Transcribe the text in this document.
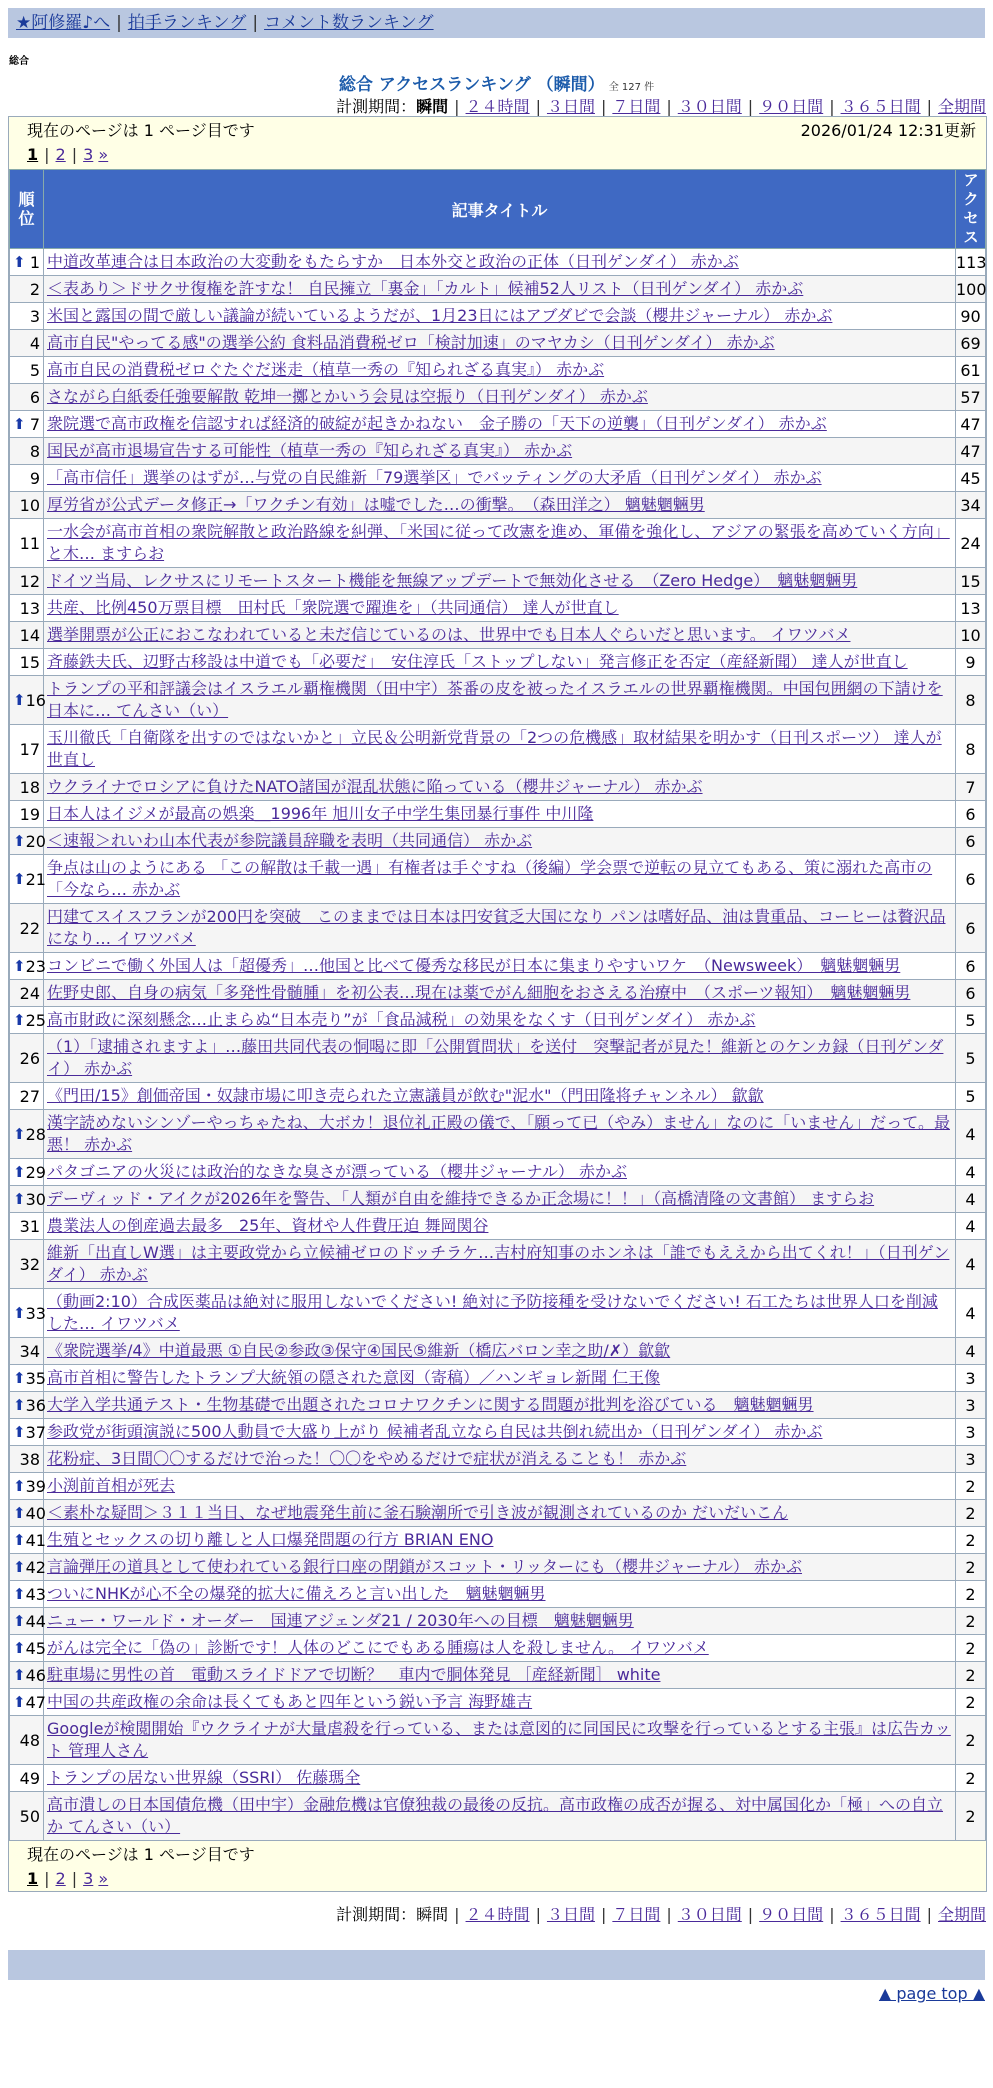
★阿修羅♪へ | 拍手ランキング | コメント数ランキング
総合
総合 アクセスランキング （瞬間） 全 127 件
計測期間：瞬間 | ２４時間 | ３日間 | ７日間 | ３０日間 | ９０日間 | ３６５日間 | 全期間
現在のページは 1 ページ目です	2026/01/24 12:31更新
1 | 2 | 3 »
順位	記事タイトル	アクセス

⬆ 1	中道改革連合は日本政治の大変動をもたらすか　日本外交と政治の正体（日刊ゲンダイ） 赤かぶ	113
2	＜表あり＞ドサクサ復権を許すな！ 自民擁立「裏金」「カルト」候補52人リスト（日刊ゲンダイ） 赤かぶ	100
3	米国と露国の間で厳しい議論が続いているようだが、1月23日にはアブダビで会談（櫻井ジャーナル） 赤かぶ	90
4	高市自民"やってる感"の選挙公約 食料品消費税ゼロ「検討加速」のマヤカシ（日刊ゲンダイ） 赤かぶ	69
5	高市自民の消費税ゼロぐたぐだ迷走（植草一秀の『知られざる真実』） 赤かぶ	61
6	さながら白紙委任強要解散 乾坤一擲とかいう会見は空振り（日刊ゲンダイ） 赤かぶ	57

⬆ 7	衆院選で高市政権を信認すれば経済的破綻が起きかねない　金子勝の「天下の逆襲」（日刊ゲンダイ） 赤かぶ	47
8	国民が高市退場宣告する可能性（植草一秀の『知られざる真実』） 赤かぶ	47
9	「高市信任」選挙のはずが…与党の自民維新「79選挙区」でバッティングの大矛盾（日刊ゲンダイ） 赤かぶ	45
10	厚労省が公式データ修正→「ワクチン有効」は嘘でした…の衝撃。　（森田洋之） 魑魅魍魎男	34
11	一水会が高市首相の衆院解散と政治路線を糾弾、「米国に従って改憲を進め、軍備を強化し、アジアの緊張を高めていく方向」と木… ますらお	24
12	ドイツ当局、レクサスにリモートスタート機能を無線アップデートで無効化させる　（Zero Hedge）　魑魅魍魎男	15
13	共産、比例450万票目標　田村氏「衆院選で躍進を」（共同通信） 達人が世直し	13
14	選挙開票が公正におこなわれていると未だ信じているのは、世界中でも日本人ぐらいだと思います。 イワツバメ	10
15	斉藤鉄夫氏、辺野古移設は中道でも「必要だ」　安住淳氏「ストップしない」発言修正を否定（産経新聞） 達人が世直し	9

⬆ 16	トランプの平和評議会はイスラエル覇権機関（田中宇）茶番の皮を被ったイスラエルの世界覇権機関。中国包囲網の下請けを日本に… てんさい（い）	8
17	玉川徹氏「自衛隊を出すのではないかと」立民＆公明新党背景の「2つの危機感」取材結果を明かす（日刊スポーツ） 達人が世直し	8
18	ウクライナでロシアに負けたNATO諸国が混乱状態に陥っている（櫻井ジャーナル） 赤かぶ	7
19	日本人はイジメが最高の娯楽＿1996年 旭川女子中学生集団暴行事件 中川隆	6

⬆ 20	＜速報＞れいわ山本代表が参院議員辞職を表明（共同通信） 赤かぶ	6

⬆ 21	争点は山のようにある 「この解散は千載一遇」有権者は手ぐすね（後編）学会票で逆転の見立てもある、策に溺れた高市の「今なら… 赤かぶ	6
22	円建てスイスフランが200円を突破　このままでは日本は円安貧乏大国になり パンは嗜好品、油は貴重品、コーヒーは贅沢品になり… イワツバメ	6

⬆ 23	コンビニで働く外国人は「超優秀」…他国と比べて優秀な移民が日本に集まりやすいワケ　（Newsweek）　魑魅魍魎男	6
24	佐野史郎、自身の病気「多発性骨髄腫」を初公表…現在は薬でがん細胞をおさえる治療中　（スポーツ報知）　魑魅魍魎男	6

⬆ 25	高市財政に深刻懸念…止まらぬ“日本売り”が「食品減税」の効果をなくす（日刊ゲンダイ） 赤かぶ	5
26	（1）「逮捕されますよ」…藤田共同代表の恫喝に即「公開質問状」を送付　突撃記者が見た！維新とのケンカ録（日刊ゲンダイ） 赤かぶ	5
27	《門田/15》創価帝国・奴隷市場に叩き売られた立憲議員が飲む"泥水"（門田隆将チャンネル） 歙歙	5

⬆ 28	漢字読めないシンゾーやっちゃたね、大ボカ！退位礼正殿の儀で、「願って已（やみ）ません」なのに「いません」だって。最悪！ 赤かぶ	4

⬆ 29	パタゴニアの火災には政治的なきな臭さが漂っている（櫻井ジャーナル） 赤かぶ	4

⬆ 30	デーヴィッド・アイクが2026年を警告、「人類が自由を維持できるか正念場に！！」（高橋清隆の文書館） ますらお	4
31	農業法人の倒産過去最多　25年、資材や人件費圧迫 舞岡関谷	4
32	維新「出直しW選」は主要政党から立候補ゼロのドッチラケ…吉村府知事のホンネは「誰でもええから出てくれ！」（日刊ゲンダイ） 赤かぶ	4

⬆ 33	（動画2:10）合成医薬品は絶対に服用しないでください! 絶対に予防接種を受けないでください! 石工たちは世界人口を削減した… イワツバメ	4
34	《衆院選挙/4》中道最悪 ①自民②参政③保守④国民⑤維新（橋広バロン幸之助/✗）歙歙	4

⬆ 35	高市首相に警告したトランプ大統領の隠された意図（寄稿）／ハンギョレ新聞 仁王像	3

⬆ 36	大学入学共通テスト・生物基礎で出題されたコロナワクチンに関する問題が批判を浴びている　魑魅魍魎男	3

⬆ 37	参政党が街頭演説に500人動員で大盛り上がり 候補者乱立なら自民は共倒れ続出か（日刊ゲンダイ） 赤かぶ	3
38	花粉症、3日間〇〇するだけで治った！〇〇をやめるだけで症状が消えることも！ 赤かぶ	3

⬆ 39	小渕前首相が死去	2

⬆ 40	＜素朴な疑問＞３１１当日、なぜ地震発生前に釜石験潮所で引き波が観測されているのか だいだいこん	2

⬆ 41	生殖とセックスの切り離しと人口爆発問題の行方 BRIAN ENO	2

⬆ 42	言論弾圧の道具として使われている銀行口座の閉鎖がスコット・リッターにも（櫻井ジャーナル） 赤かぶ	2

⬆ 43	ついにNHKが心不全の爆発的拡大に備えろと言い出した　魑魅魍魎男	2

⬆ 44	ニュー・ワールド・オーダー　国連アジェンダ21 / 2030年への目標　魑魅魍魎男	2

⬆ 45	がんは完全に「偽の」診断です！人体のどこにでもある腫瘍は人を殺しません。 イワツバメ	2

⬆ 46	駐車場に男性の首　電動スライドドアで切断？　車内で胴体発見 ［産経新聞］ white	2

⬆ 47	中国の共産政権の余命は長くてもあと四年という鋭い予言 海野雄吉	2
48	Googleが検閲開始『ウクライナが大量虐殺を行っている、または意図的に同国民に攻撃を行っているとする主張』は広告カット 管理人さん	2
49	トランプの居ない世界線（SSRI） 佐藤瑪全	2
50	高市潰しの日本国債危機（田中宇）金融危機は官僚独裁の最後の反抗。高市政権の成否が握る、対中属国化か「極」への自立か てんさい（い）	2
現在のページは 1 ページ目です
1 | 2 | 3 »
計測期間：瞬間 | ２４時間 | ３日間 | ７日間 | ３０日間 | ９０日間 | ３６５日間 | 全期間
▲ page top ▲
